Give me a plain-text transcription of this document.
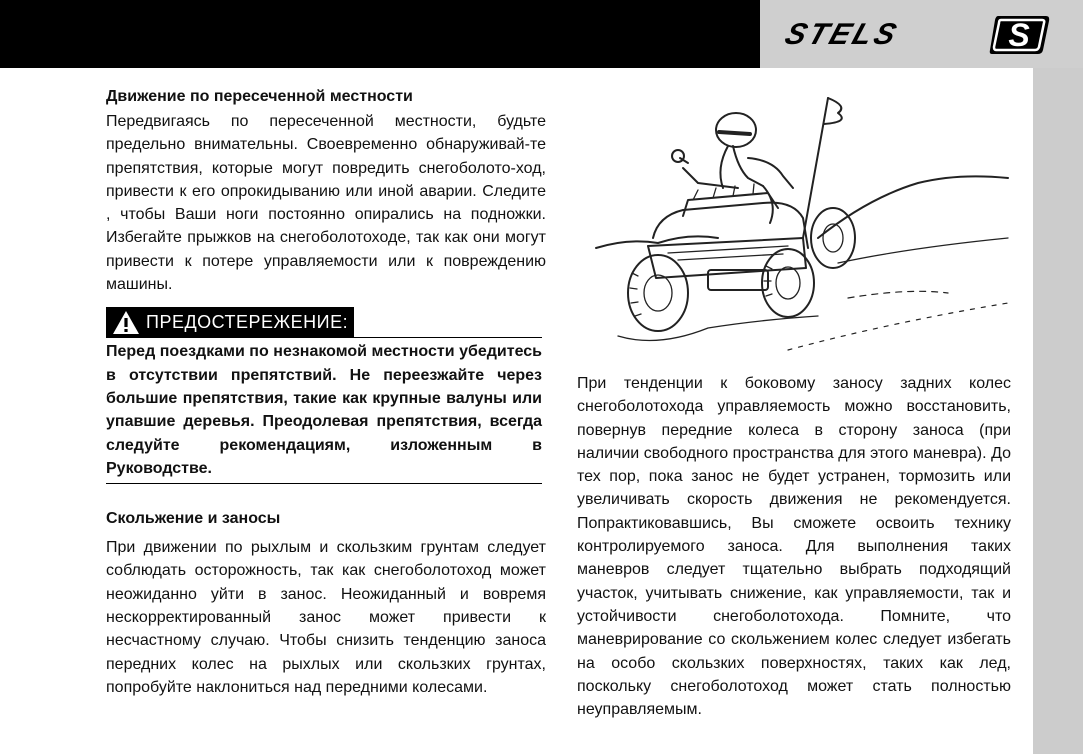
STELS	S
Движение по пересеченной местности

Передвигаясь по пересеченной местности, будьте предельно внимательны. Своевременно обнаруживай-те препятствия, которые могут повредить снегоболото-ход, привести к его опрокидыванию или иной аварии. Следите , чтобы Ваши ноги постоянно опирались на подножки. Избегайте прыжков на снегоболотоходе, так как они могут привести к потере управляемости или к повреждению машины.

ПРЕДОСТЕРЕЖЕНИЕ:

Перед поездками по незнакомой местности убедитесь в отсутствии препятствий. Не переезжайте через большие препятствия, такие как крупные валуны или упавшие деревья. Преодолевая препятствия, всегда следуйте рекомендациям, изложенным в Руководстве.

Скольжение и заносы

При движении по рыхлым и скользким грунтам следует соблюдать осторожность, так как снегоболотоход может неожиданно уйти в занос. Неожиданный и вовремя нескорректированный занос может привести к несчастному случаю. Чтобы снизить тенденцию заноса передних колес на рыхлых или скользких грунтах, попробуйте наклониться над передними колесами.

При тенденции к боковому заносу задних колес снегоболотохода управляемость можно восстановить, повернув передние колеса в сторону заноса (при наличии свободного пространства для этого маневра). До тех пор, пока занос не будет устранен, тормозить или увеличивать скорость движения не рекомендуется. Попрактиковавшись, Вы сможете освоить технику контролируемого заноса. Для выполнения таких маневров следует тщательно выбрать подходящий участок, учитывать снижение, как управляемости, так и устойчивости снегоболотохода. Помните, что маневрирование со скольжением колес следует избегать на особо скользких поверхностях, таких как лед, поскольку снегоболотоход может стать полностью неуправляемым.
